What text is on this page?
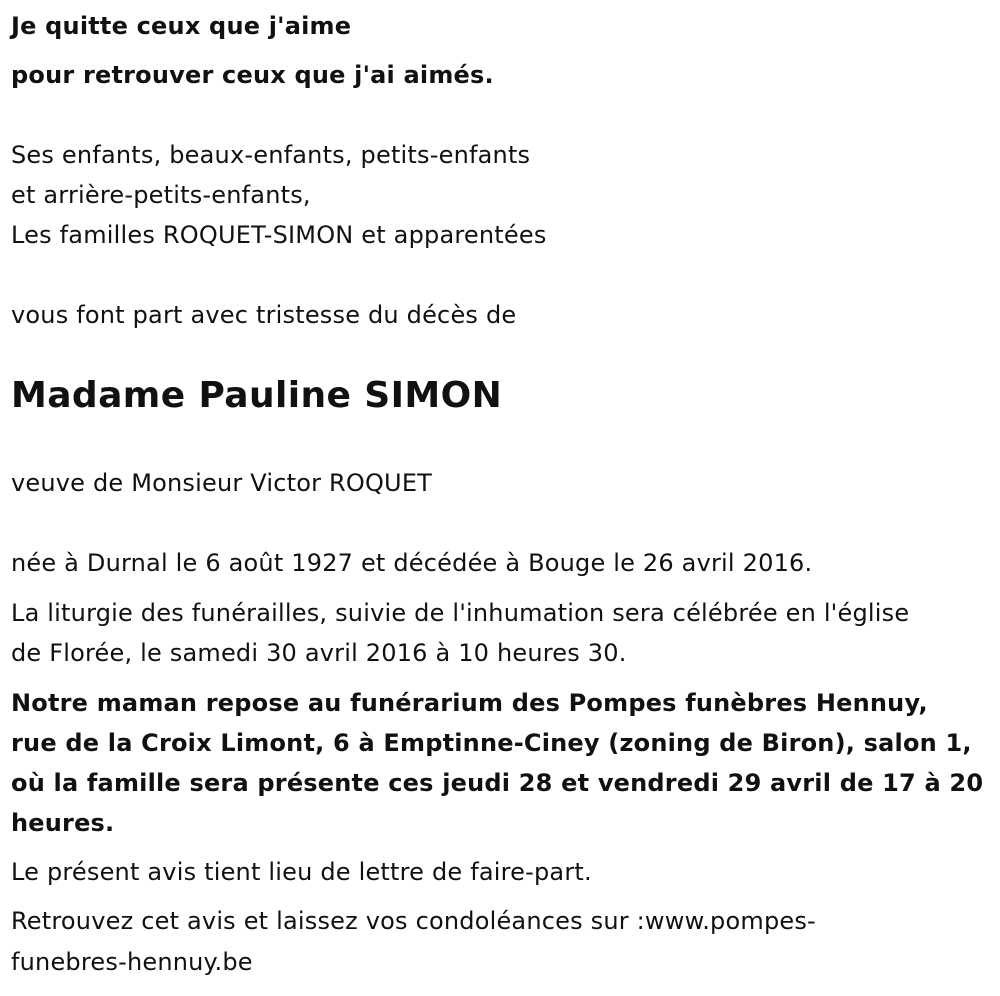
Je quitte ceux que j'aime
pour retrouver ceux que j'ai aimés.
Ses enfants, beaux-enfants, petits-enfants
et arrière-petits-enfants,
Les familles ROQUET-SIMON et apparentées
vous font part avec tristesse du décès de
Madame Pauline SIMON
veuve de Monsieur Victor ROQUET
née à Durnal le 6 août 1927 et décédée à Bouge le 26 avril 2016.
La liturgie des funérailles, suivie de l'inhumation sera célébrée en l'église
de Florée, le samedi 30 avril 2016 à 10 heures 30.
Notre maman repose au funérarium des Pompes funèbres Hennuy,
rue de la Croix Limont, 6 à Emptinne-Ciney (zoning de Biron), salon 1,
où la famille sera présente ces jeudi 28 et vendredi 29 avril de 17 à 20
heures.
Le présent avis tient lieu de lettre de faire-part.
Retrouvez cet avis et laissez vos condoléances sur :www.pompes-
funebres-hennuy.be
